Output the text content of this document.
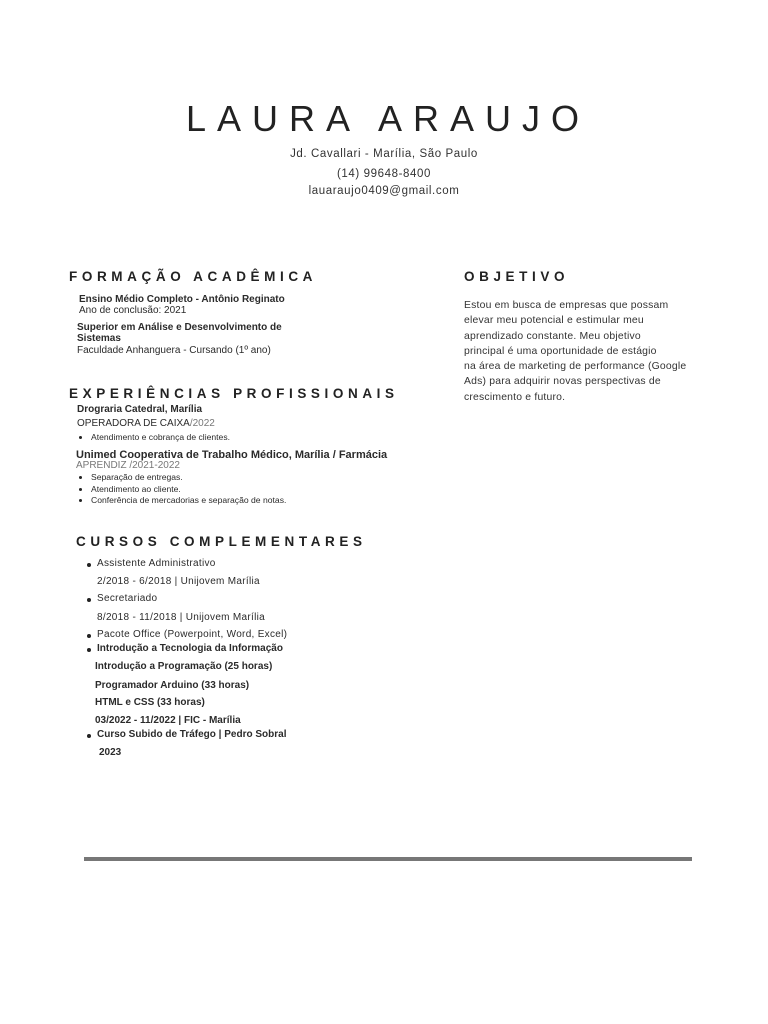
LAURA ARAUJO
Jd. Cavallari - Marília, São Paulo
(14) 99648-8400
lauaraujo0409@gmail.com
FORMAÇÃO ACADÊMICA
Ensino Médio Completo - Antônio Reginato
Ano de conclusão: 2021
Superior em Análise e Desenvolvimento de
Sistemas
Faculdade Anhanguera - Cursando (1º ano)
OBJETIVO
Estou em busca de empresas que possam
elevar meu potencial e estimular meu
aprendizado constante. Meu objetivo
principal é uma oportunidade de estágio
na área de marketing de performance (Google
Ads) para adquirir novas perspectivas de
crescimento e futuro.
EXPERIÊNCIAS PROFISSIONAIS
Drograria Catedral, Marília
OPERADORA DE CAIXA/2022
Atendimento e cobrança de clientes.
Unimed Cooperativa de Trabalho Médico, Marília / Farmácia
APRENDIZ /2021-2022
Separação de entregas.
Atendimento ao cliente.
Conferência de mercadorias e separação de notas.
CURSOS COMPLEMENTARES
Assistente Administrativo
2/2018 - 6/2018 | Unijovem Marília
Secretariado
8/2018 - 11/2018 | Unijovem Marília
Pacote Office (Powerpoint, Word, Excel)
Introdução a Tecnologia da Informação
Introdução a Programação (25 horas)
Programador Arduino (33 horas)
HTML e CSS (33 horas)
03/2022 - 11/2022 | FIC - Marília
Curso Subido de Tráfego | Pedro Sobral
2023
